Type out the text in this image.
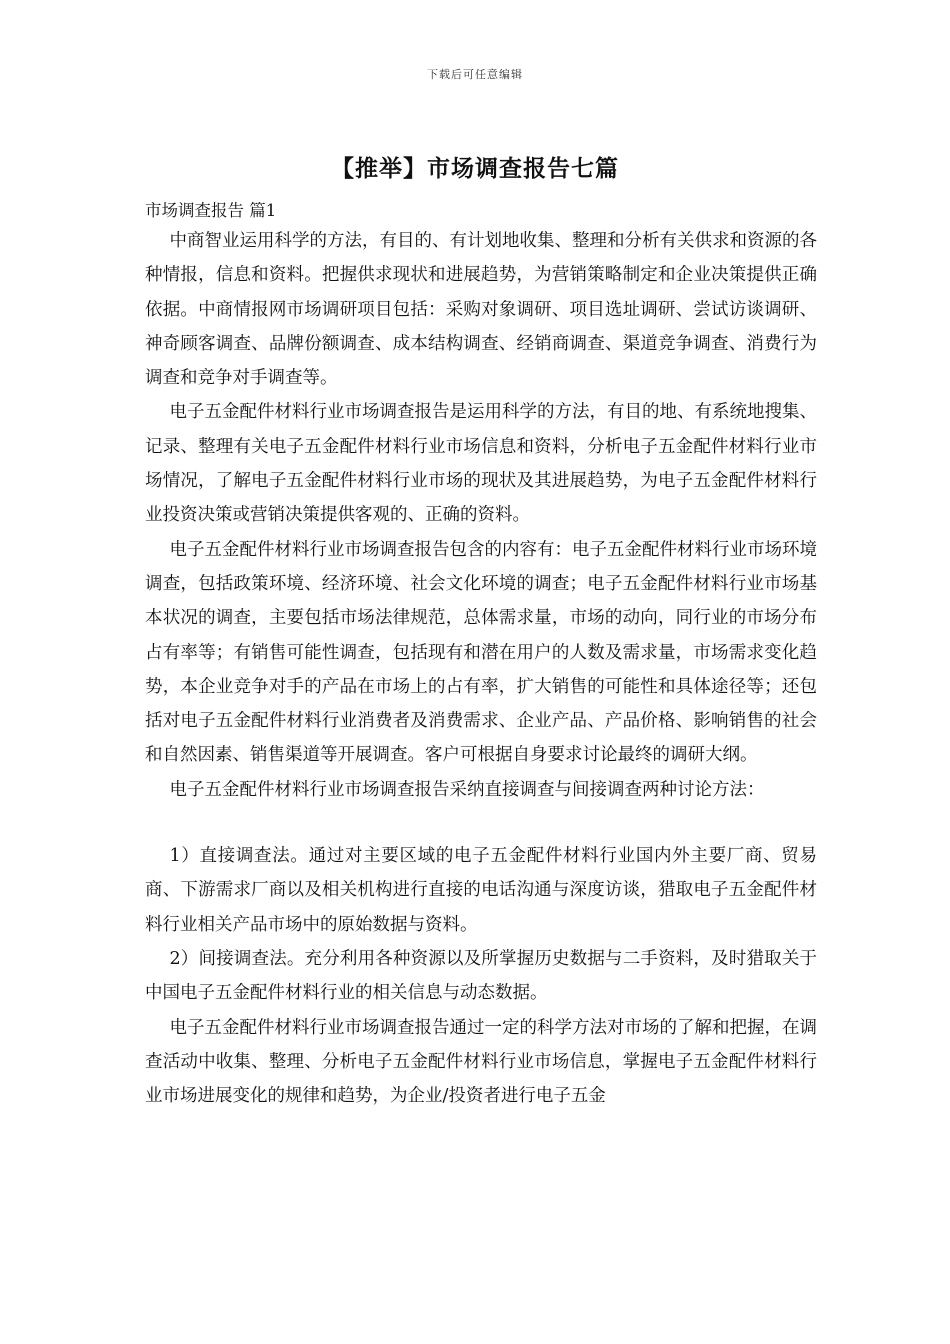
下载后可任意编辑
【推举】市场调查报告七篇
市场调查报告 篇1

中商智业运用科学的方法，有目的、有计划地收集、整理和分析有关供求和资源的各种情报，信息和资料。把握供求现状和进展趋势，为营销策略制定和企业决策提供正确依据。中商情报网市场调研项目包括：采购对象调研、项目选址调研、尝试访谈调研、神奇顾客调查、品牌份额调查、成本结构调查、经销商调查、渠道竞争调查、消费行为调查和竞争对手调查等。

电子五金配件材料行业市场调查报告是运用科学的方法，有目的地、有系统地搜集、记录、整理有关电子五金配件材料行业市场信息和资料，分析电子五金配件材料行业市场情况，了解电子五金配件材料行业市场的现状及其进展趋势，为电子五金配件材料行业投资决策或营销决策提供客观的、正确的资料。

电子五金配件材料行业市场调查报告包含的内容有：电子五金配件材料行业市场环境调查，包括政策环境、经济环境、社会文化环境的调查；电子五金配件材料行业市场基本状况的调查，主要包括市场法律规范，总体需求量，市场的动向，同行业的市场分布占有率等；有销售可能性调查，包括现有和潜在用户的人数及需求量，市场需求变化趋势，本企业竞争对手的产品在市场上的占有率，扩大销售的可能性和具体途径等；还包括对电子五金配件材料行业消费者及消费需求、企业产品、产品价格、影响销售的社会和自然因素、销售渠道等开展调查。客户可根据自身要求讨论最终的调研大纲。

电子五金配件材料行业市场调查报告采纳直接调查与间接调查两种讨论方法：

1）直接调查法。通过对主要区域的电子五金配件材料行业国内外主要厂商、贸易商、下游需求厂商以及相关机构进行直接的电话沟通与深度访谈，猎取电子五金配件材料行业相关产品市场中的原始数据与资料。

2）间接调查法。充分利用各种资源以及所掌握历史数据与二手资料，及时猎取关于中国电子五金配件材料行业的相关信息与动态数据。

电子五金配件材料行业市场调查报告通过一定的科学方法对市场的了解和把握，在调查活动中收集、整理、分析电子五金配件材料行业市场信息，掌握电子五金配件材料行业市场进展变化的规律和趋势，为企业/投资者进行电子五金
